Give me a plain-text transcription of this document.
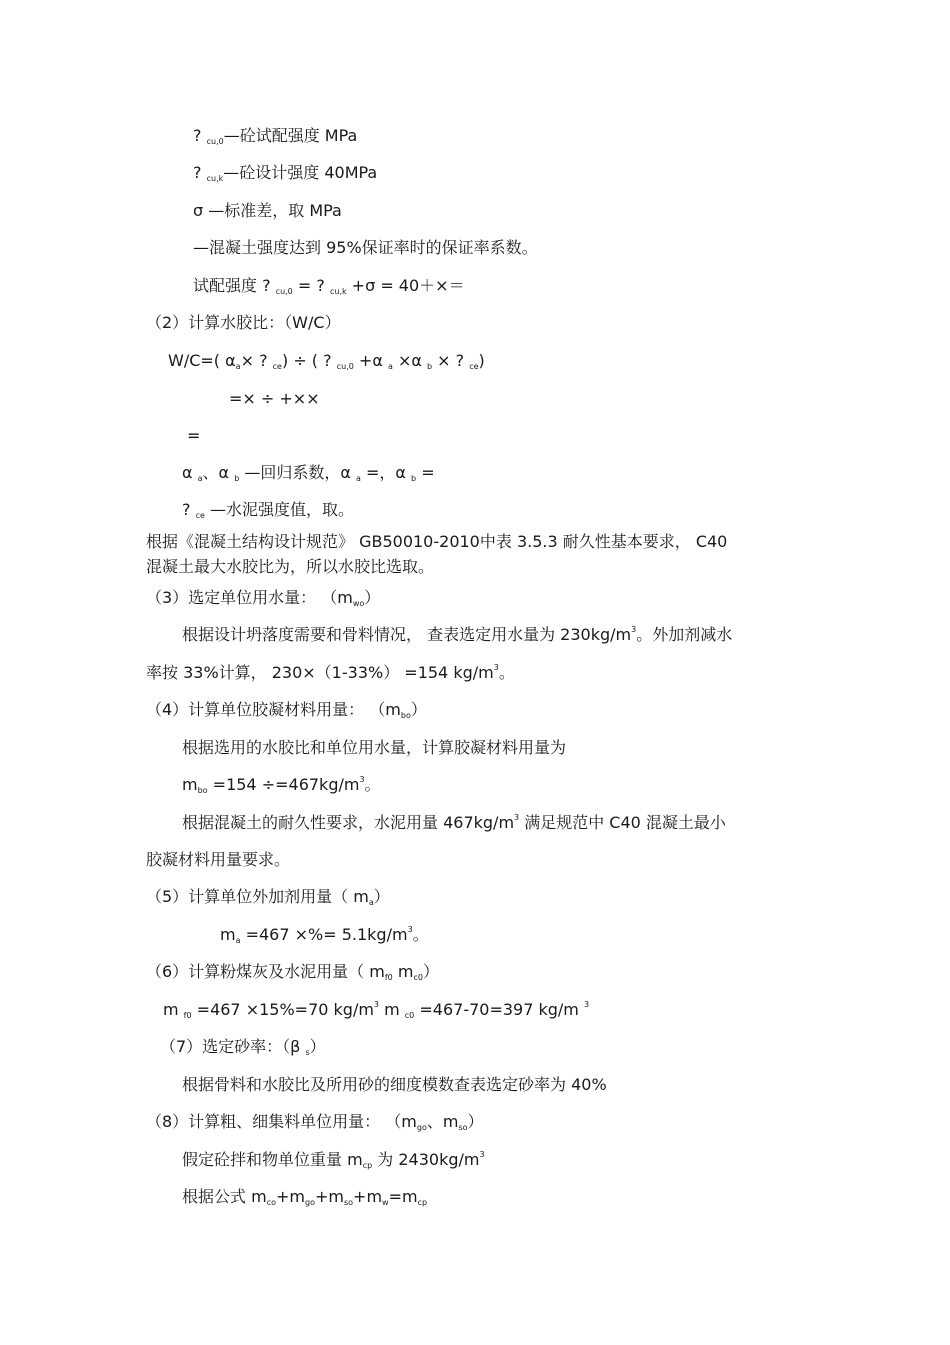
? cu,0—砼试配强度 MPa
? cu,k—砼设计强度 40MPa
σ —标准差，取 MPa
—混凝土强度达到 95%保证率时的保证率系数。
试配强度 ? cu,0 = ? cu,k +σ = 40＋×＝
（2）计算水胶比：（W/C）
W/C=( αa× ? ce) ÷ ( ? cu,0 +α a ×α b × ? ce)
=× ÷ +××
=
α a、α b —回归系数，α a =，α b =
? ce —水泥强度值，取。
根据《混凝土结构设计规范》 GB50010-2010中表 3.5.3 耐久性基本要求， C40
混凝土最大水胶比为，所以水胶比选取。
（3）选定单位用水量： （mwo）
根据设计坍落度需要和骨料情况， 查表选定用水量为 $230kg/m^3$。外加剂减水
率按 33%计算， 230×（1-33%） =154 $kg/m^3$。
（4）计算单位胶凝材料用量： （mbo）
根据选用的水胶比和单位用水量，计算胶凝材料用量为
mbo $=154 \div=467kg/m^3$。
根据混凝土的耐久性要求，水泥用量 $467kg/m^3$ 满足规范中 C40 混凝土最小
胶凝材料用量要求。
（5）计算单位外加剂用量（ ma）
ma =467 ×%= $5.1kg/m^3$。
（6）计算粉煤灰及水泥用量（ mf0 mc0）
m f0 =467 ×15%=70 $kg/m^3$ m c0 =467-70=397 kg/m $^3$
（7）选定砂率：（β s）
根据骨料和水胶比及所用砂的细度模数查表选定砂率为 40%
（8）计算粗、细集料单位用量： （mgo、mso）
假定砼拌和物单位重量 mcp 为 $2430kg/m^3$
根据公式 mco+mgo+mso+mw=mcp
